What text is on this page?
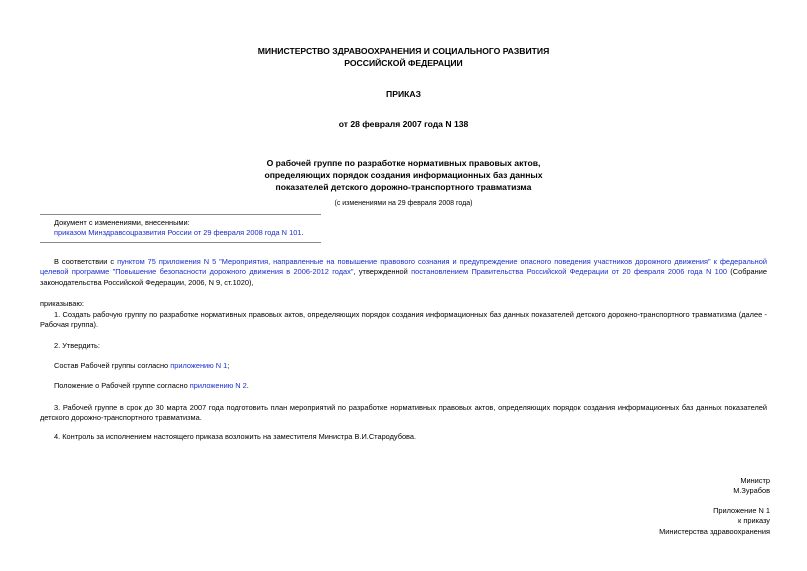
МИНИСТЕРСТВО ЗДРАВООХРАНЕНИЯ И СОЦИАЛЬНОГО РАЗВИТИЯ
РОССИЙСКОЙ ФЕДЕРАЦИИ
ПРИКАЗ
от 28 февраля 2007 года N 138
О рабочей группе по разработке нормативных правовых актов,
определяющих порядок создания информационных баз данных
показателей детского дорожно-транспортного травматизма
(с изменениями на 29 февраля 2008 года)
Документ с изменениями, внесенными:
приказом Минздравсоцразвития России от 29 февраля 2008 года N 101.
В соответствии с пунктом 75 приложения N 5 "Мероприятия, направленные на повышение правового сознания и предупреждение опасного поведения участников дорожного движения" к федеральной целевой программе "Повышение безопасности дорожного движения в 2006-2012 годах", утвержденной постановлением Правительства Российской Федерации от 20 февраля 2006 года N 100 (Собрание законодательства Российской Федерации, 2006, N 9, ст.1020),
приказываю:
1. Создать рабочую группу по разработке нормативных правовых актов, определяющих порядок создания информационных баз данных показателей детского дорожно-транспортного травматизма (далее - Рабочая группа).
2. Утвердить:
Состав Рабочей группы согласно приложению N 1;
Положение о Рабочей группе согласно приложению N 2.
3. Рабочей группе в срок до 30 марта 2007 года подготовить план мероприятий по разработке нормативных правовых актов, определяющих порядок создания информационных баз данных показателей детского дорожно-транспортного травматизма.
4. Контроль за исполнением настоящего приказа возложить на заместителя Министра В.И.Стародубова.
Министр
М.Зурабов
Приложение N 1
к приказу
Министерства здравоохранения
